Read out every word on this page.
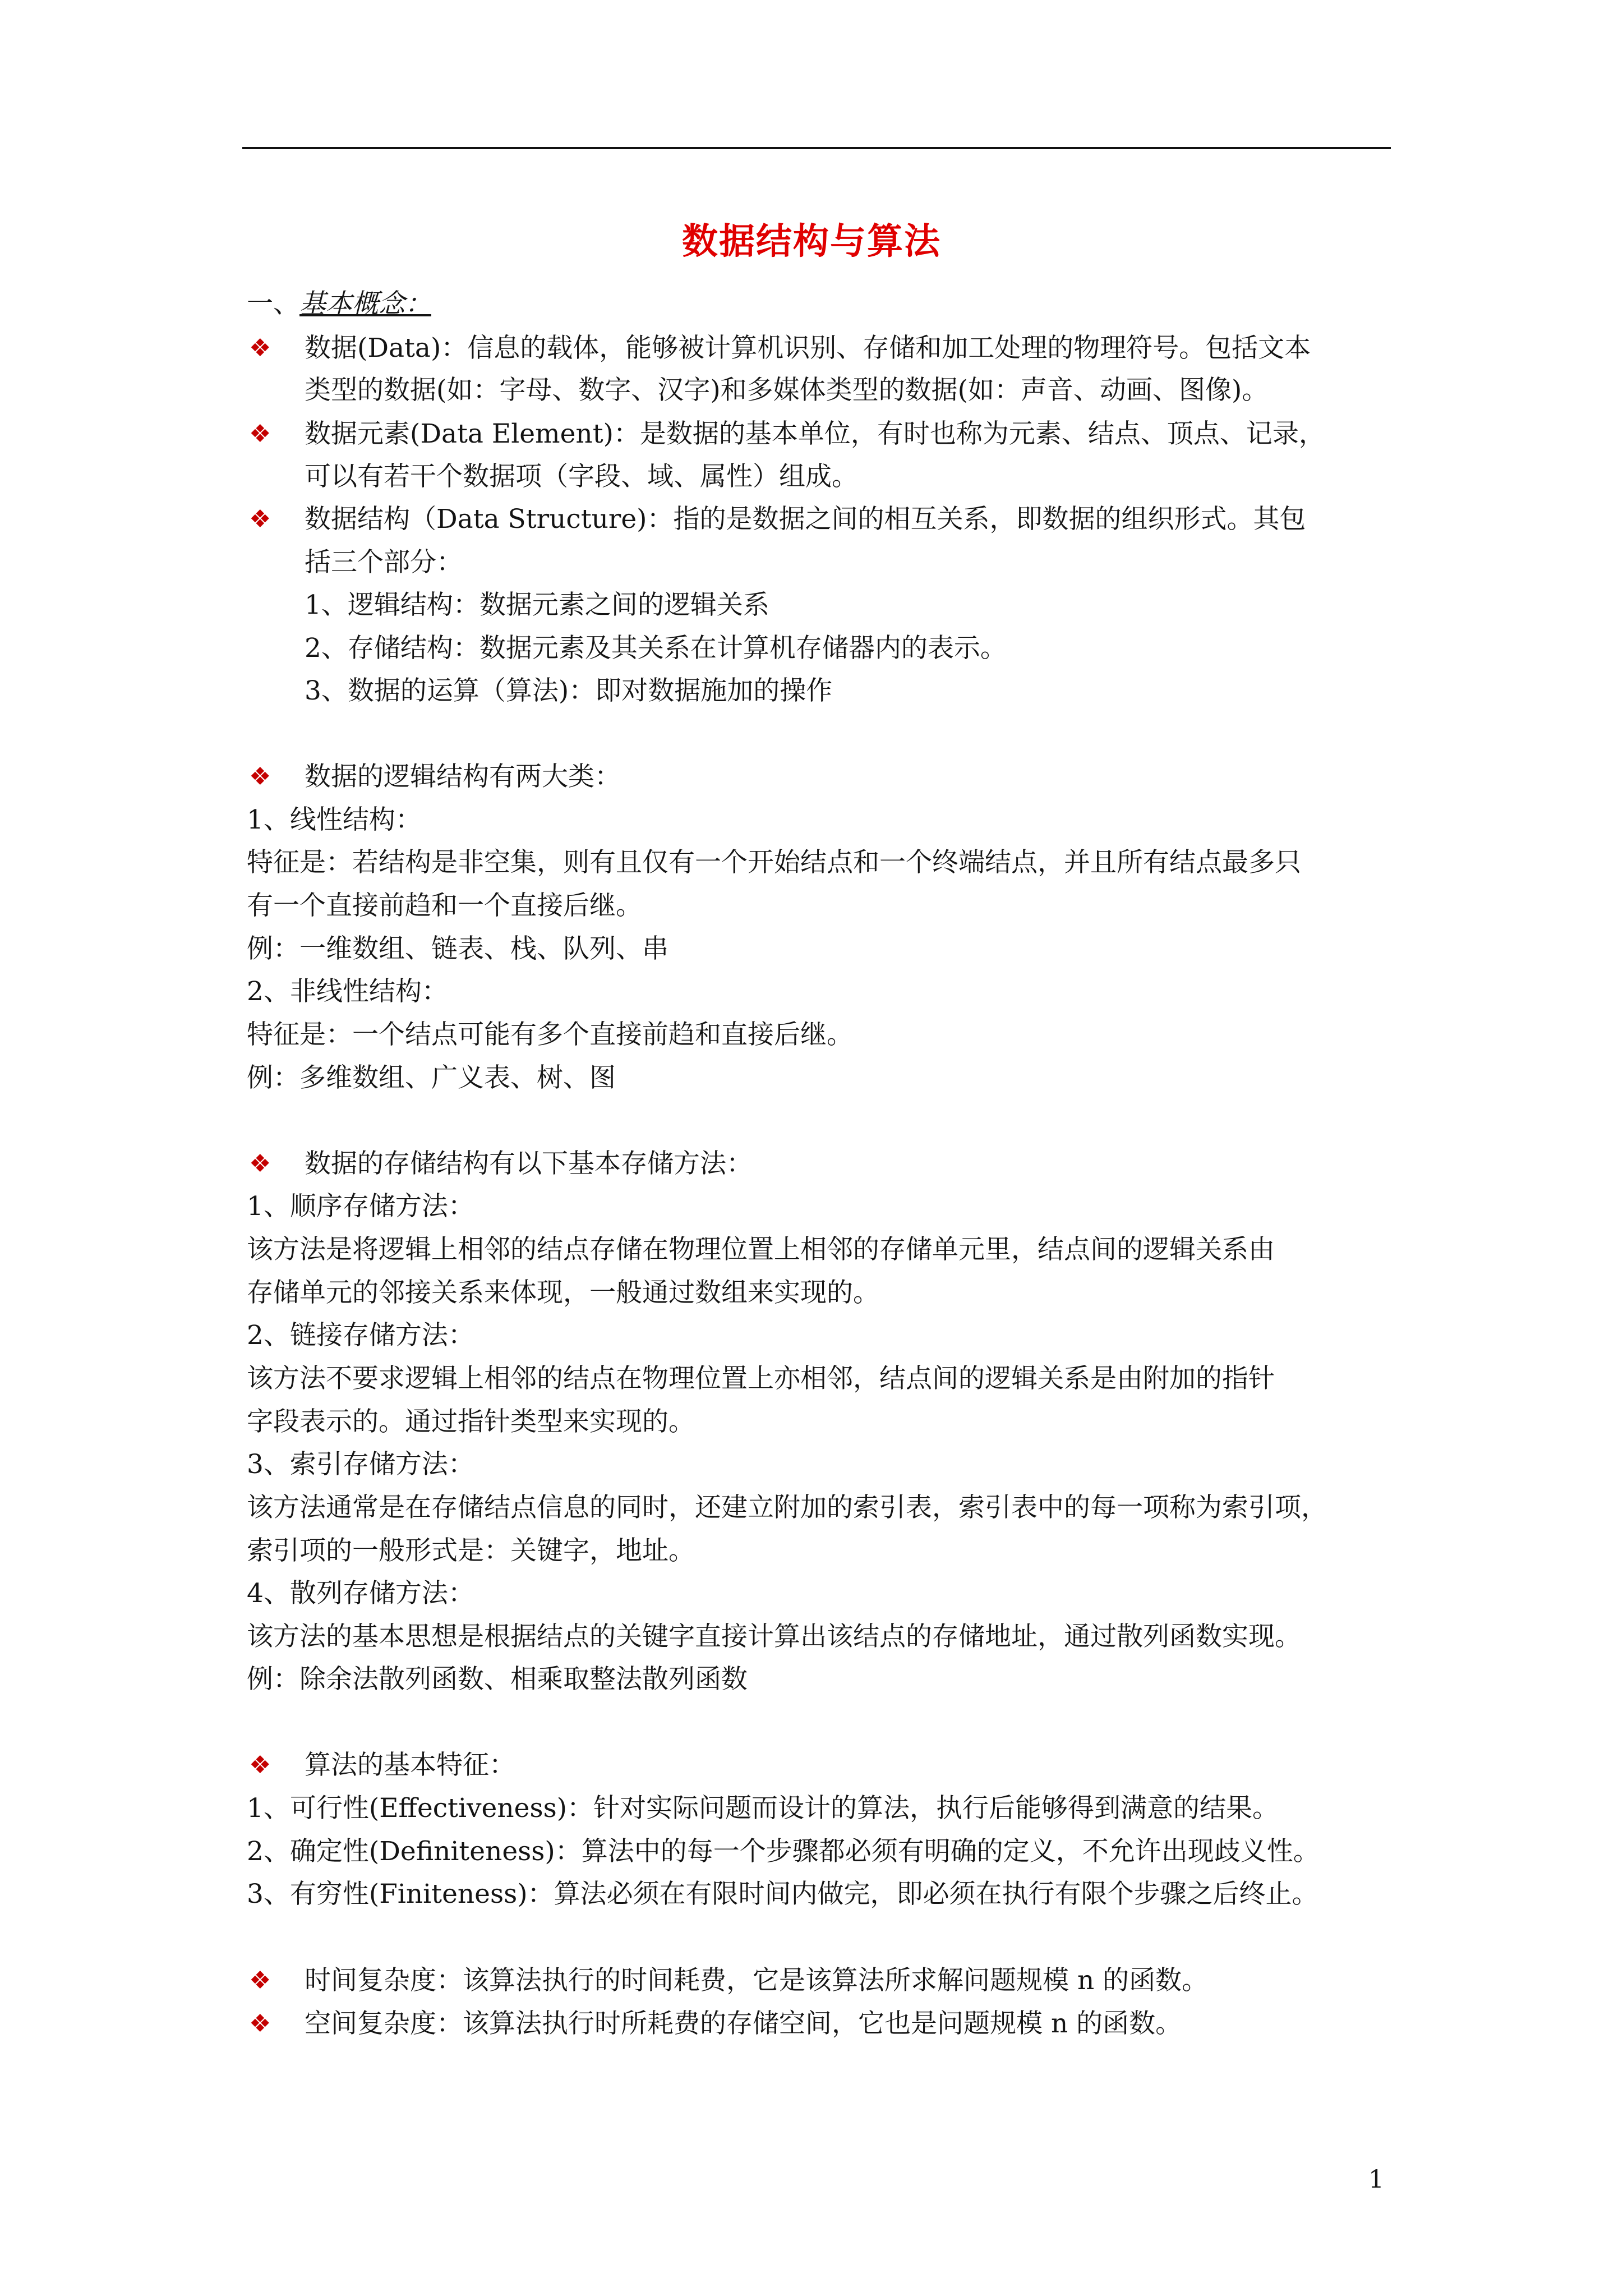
数据结构与算法
一、基本概念：
❖ 数据(Data)：信息的载体，能够被计算机识别、存储和加工处理的物理符号。包括文本
类型的数据(如：字母、数字、汉字)和多媒体类型的数据(如：声音、动画、图像)。
❖ 数据元素(Data Element)：是数据的基本单位，有时也称为元素、结点、顶点、记录，
可以有若干个数据项（字段、域、属性）组成。
❖ 数据结构（Data Structure)：指的是数据之间的相互关系，即数据的组织形式。其包
括三个部分：
1、逻辑结构：数据元素之间的逻辑关系
2、存储结构：数据元素及其关系在计算机存储器内的表示。
3、数据的运算（算法)：即对数据施加的操作
❖ 数据的逻辑结构有两大类：
1、线性结构：
特征是：若结构是非空集，则有且仅有一个开始结点和一个终端结点，并且所有结点最多只
有一个直接前趋和一个直接后继。
例：一维数组、链表、栈、队列、串
2、非线性结构：
特征是：一个结点可能有多个直接前趋和直接后继。
例：多维数组、广义表、树、图
❖ 数据的存储结构有以下基本存储方法：
1、顺序存储方法：
该方法是将逻辑上相邻的结点存储在物理位置上相邻的存储单元里，结点间的逻辑关系由
存储单元的邻接关系来体现，一般通过数组来实现的。
2、链接存储方法：
该方法不要求逻辑上相邻的结点在物理位置上亦相邻，结点间的逻辑关系是由附加的指针
字段表示的。通过指针类型来实现的。
3、索引存储方法：
该方法通常是在存储结点信息的同时，还建立附加的索引表，索引表中的每一项称为索引项，
索引项的一般形式是：关键字，地址。
4、散列存储方法：
该方法的基本思想是根据结点的关键字直接计算出该结点的存储地址，通过散列函数实现。
例：除余法散列函数、相乘取整法散列函数
❖ 算法的基本特征：
1、可行性(Effectiveness)：针对实际问题而设计的算法，执行后能够得到满意的结果。
2、确定性(Definiteness)：算法中的每一个步骤都必须有明确的定义，不允许出现歧义性。
3、有穷性(Finiteness)：算法必须在有限时间内做完，即必须在执行有限个步骤之后终止。
❖ 时间复杂度：该算法执行的时间耗费，它是该算法所求解问题规模 n 的函数。
❖ 空间复杂度：该算法执行时所耗费的存储空间，它也是问题规模 n 的函数。
1
